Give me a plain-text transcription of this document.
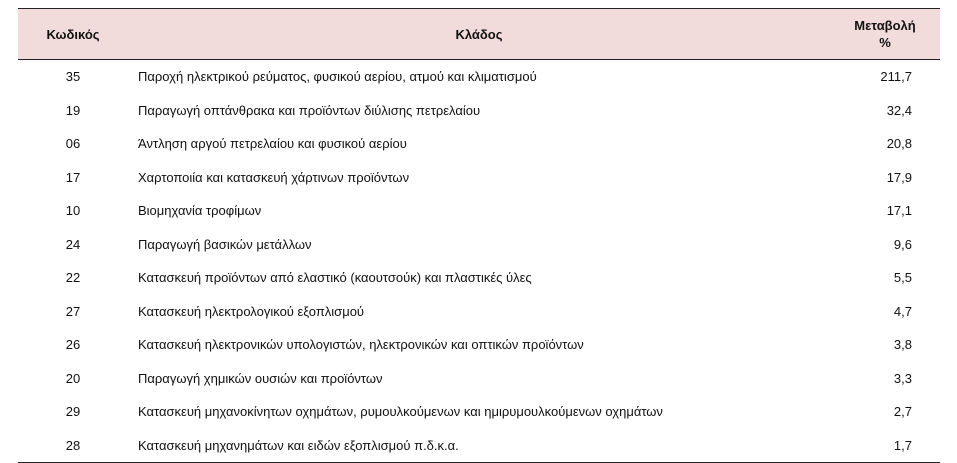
Κωδικός	Κλάδος	Μεταβολή
%
35	Παροχή ηλεκτρικού ρεύματος, φυσικού αερίου, ατμού και κλιματισμού	211,7
19	Παραγωγή οπτάνθρακα και προϊόντων διύλισης πετρελαίου	32,4
06	Άντληση αργού πετρελαίου και φυσικού αερίου	20,8
17	Χαρτοποιία και κατασκευή χάρτινων προϊόντων	17,9
10	Βιομηχανία τροφίμων	17,1
24	Παραγωγή βασικών μετάλλων	9,6
22	Κατασκευή προϊόντων από ελαστικό (καουτσούκ) και πλαστικές ύλες	5,5
27	Κατασκευή ηλεκτρολογικού εξοπλισμού	4,7
26	Κατασκευή ηλεκτρονικών υπολογιστών, ηλεκτρονικών και οπτικών προϊόντων	3,8
20	Παραγωγή χημικών ουσιών και προϊόντων	3,3
29	Κατασκευή μηχανοκίνητων οχημάτων, ρυμουλκούμενων και ημιρυμουλκούμενων οχημάτων	2,7
28	Κατασκευή μηχανημάτων και ειδών εξοπλισμού π.δ.κ.α.	1,7
